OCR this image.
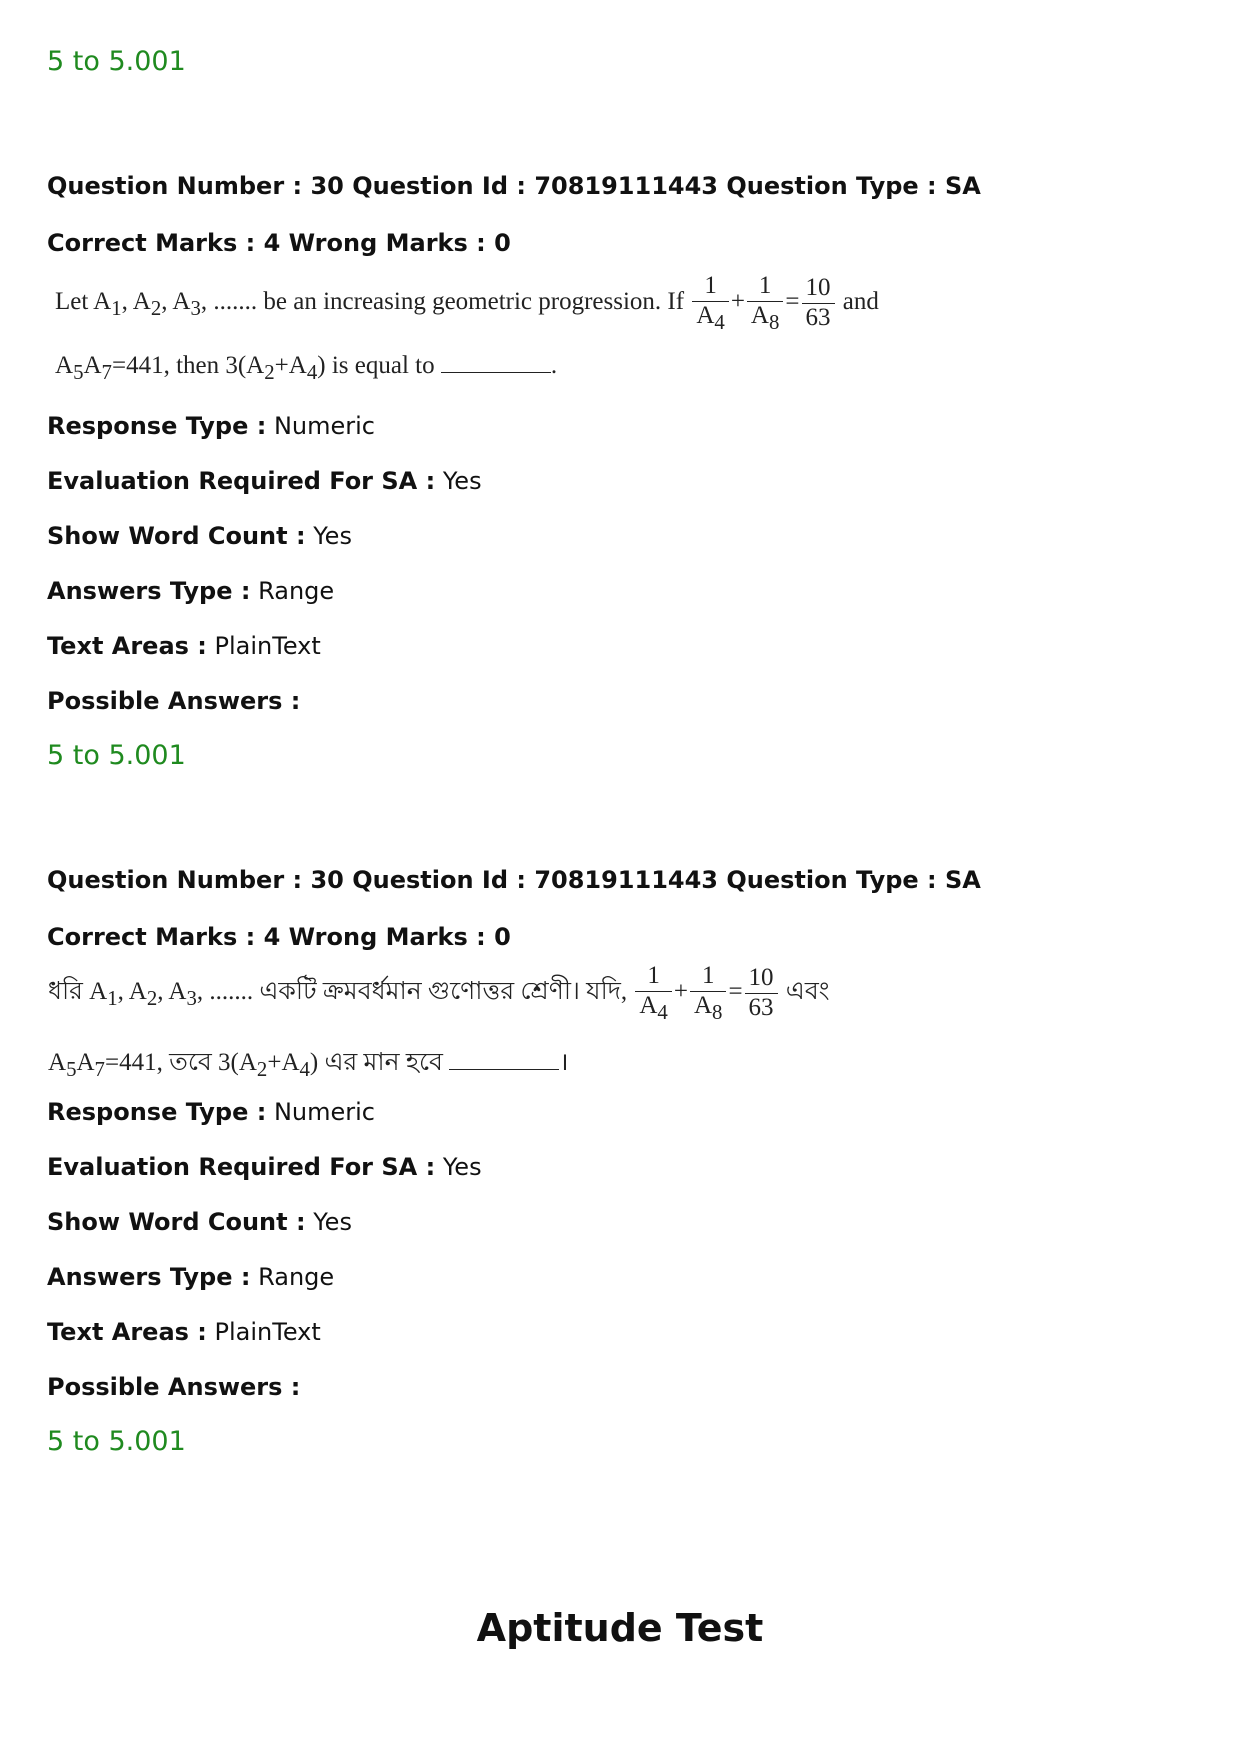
5 to 5.001
Question Number : 30 Question Id : 70819111443 Question Type : SA
Correct Marks : 4 Wrong Marks : 0
Let $A_1$, $A_2$, $A_3$, ....... be an increasing geometric progression. If $\frac{1}{A_4} + \frac{1}{A_8} = \frac{10}{63}$ and
$A_5A_7=441$, then $3(A_2+A_4)$ is equal to	.
Response Type : Numeric
Evaluation Required For SA : Yes
Show Word Count : Yes
Answers Type : Range
Text Areas : PlainText
Possible Answers :
5 to 5.001
Question Number : 30 Question Id : 70819111443 Question Type : SA
Correct Marks : 4 Wrong Marks : 0
ধরি $A_1$, $A_2$, $A_3$, ....... একটি ক্রমবর্ধমান গুণোত্তর শ্রেণী। যদি, $\frac{1}{A_4} + \frac{1}{A_8} = \frac{10}{63}$ এবং
$A_5A_7=441$, তবে $3(A_2+A_4)$ এর মান হবে	।
Response Type : Numeric
Evaluation Required For SA : Yes
Show Word Count : Yes
Answers Type : Range
Text Areas : PlainText
Possible Answers :
5 to 5.001
Aptitude Test
